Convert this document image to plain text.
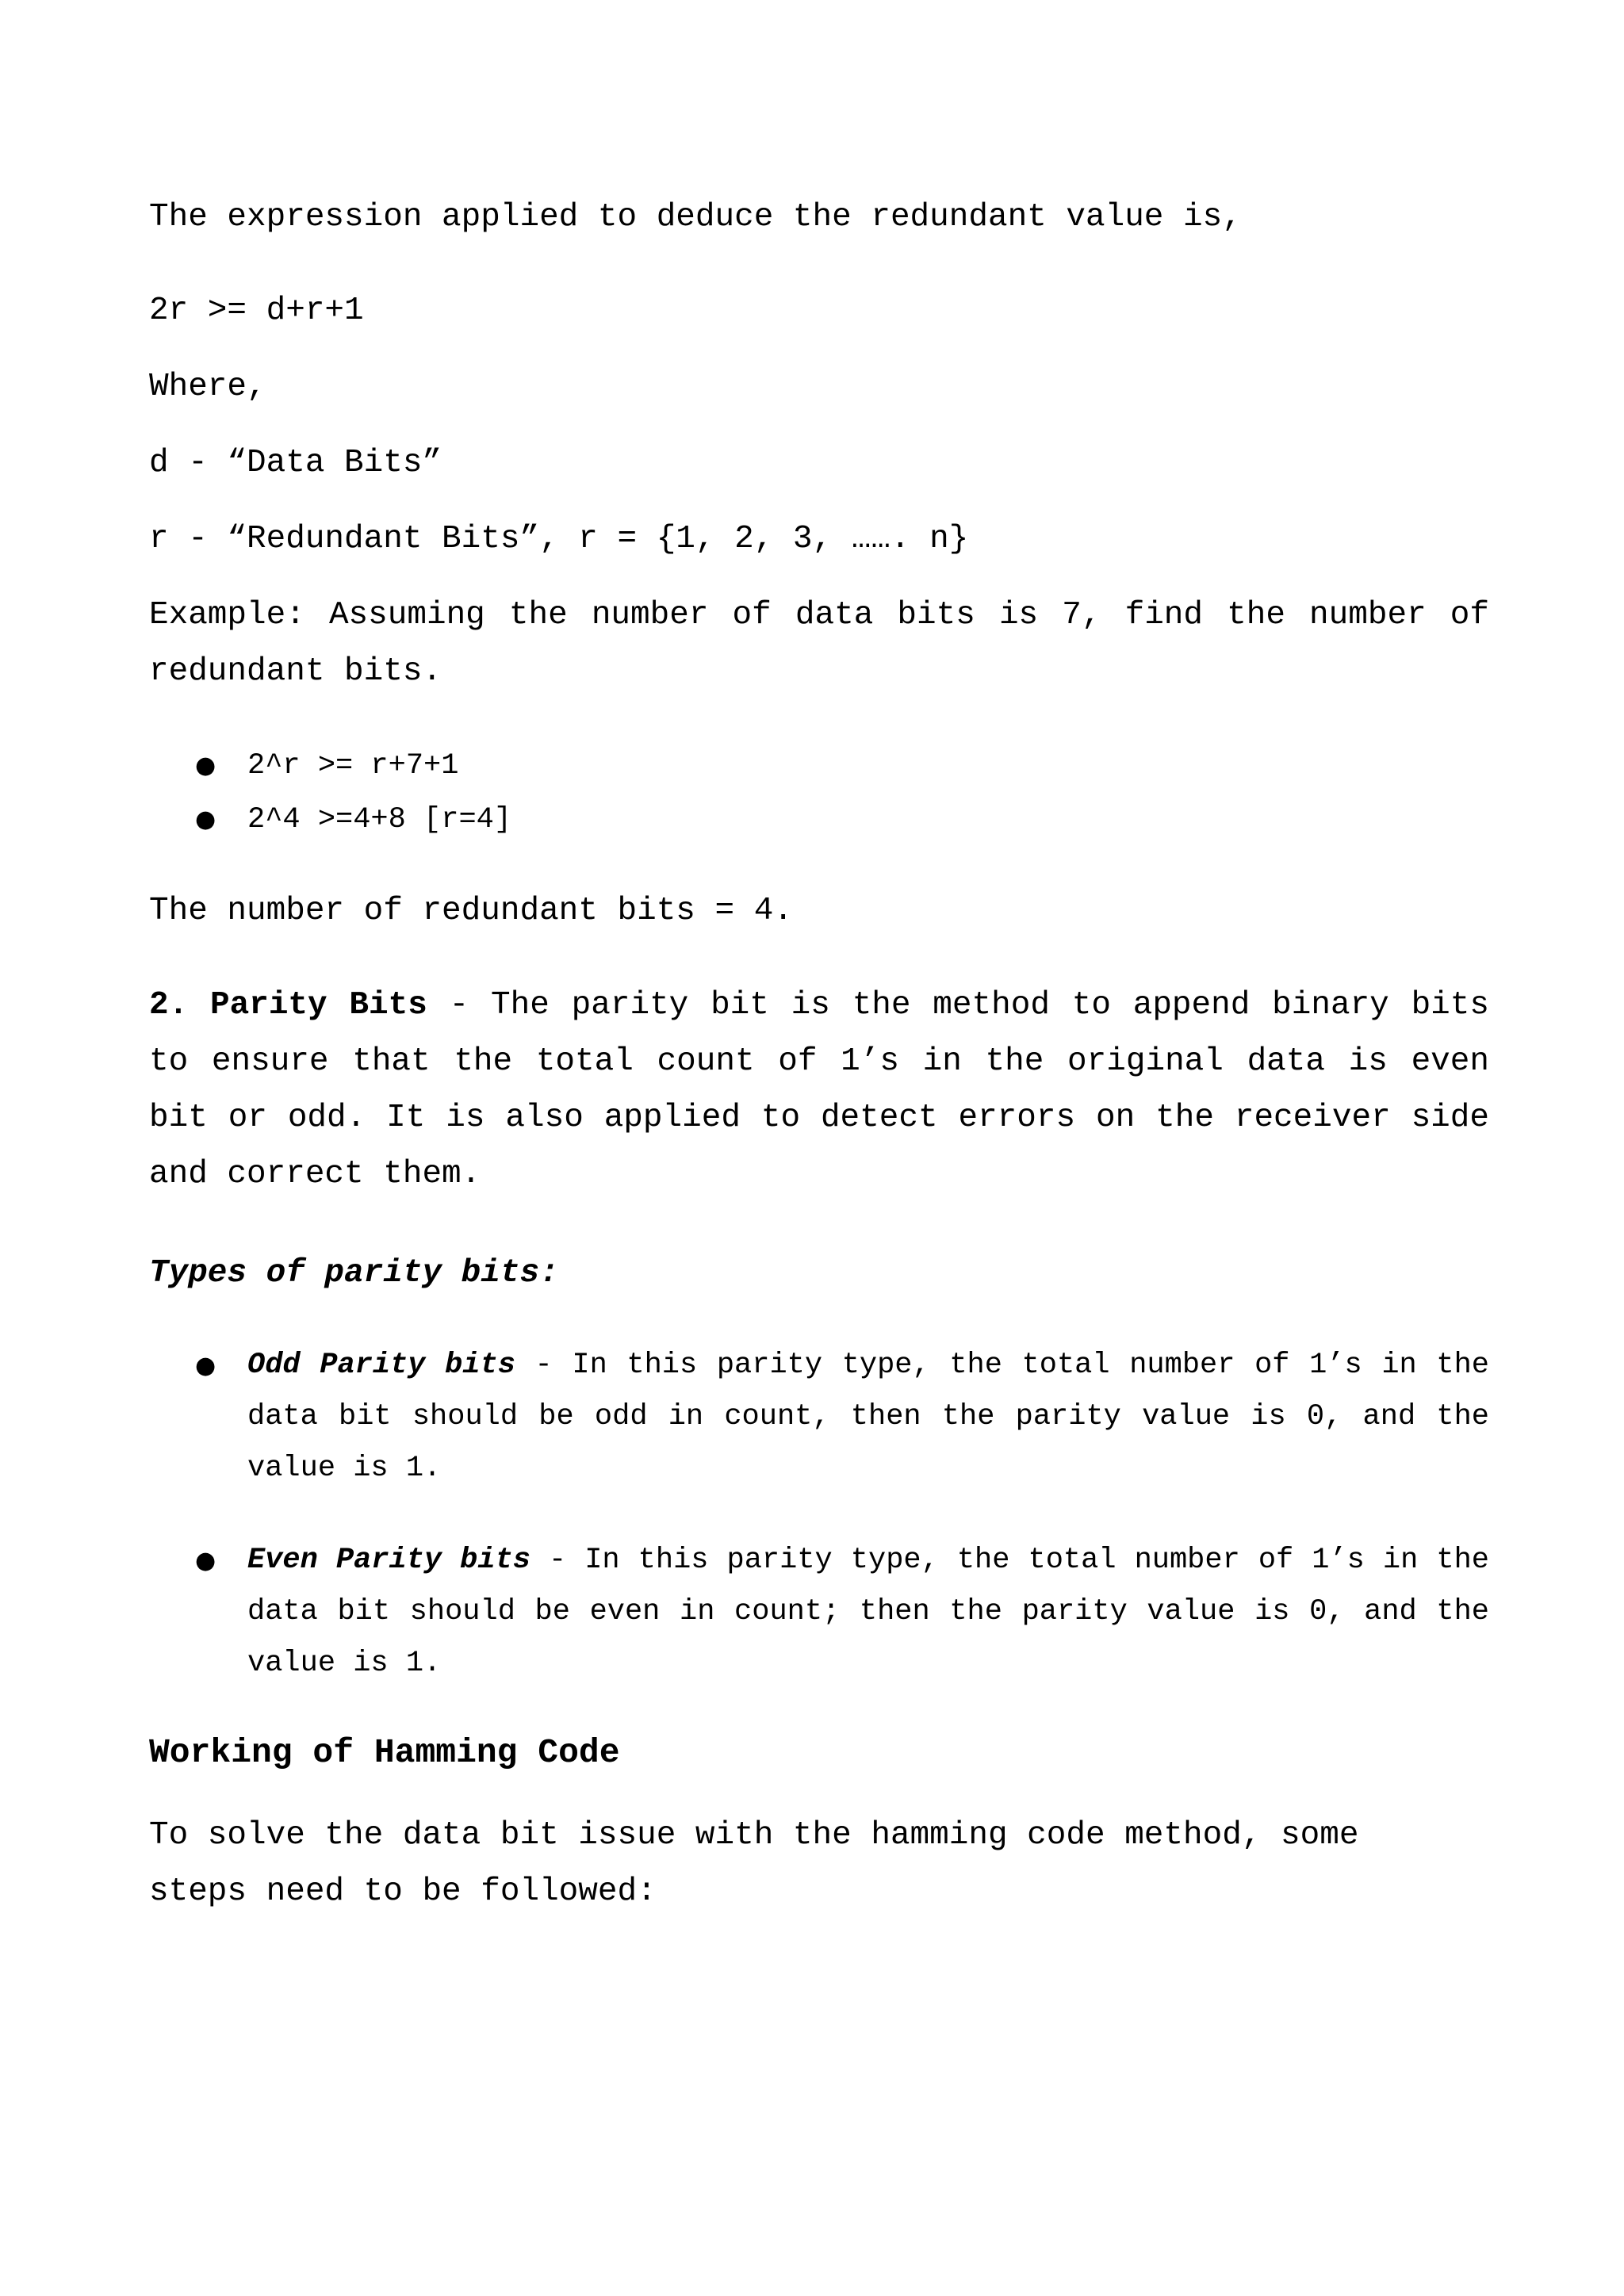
The expression applied to deduce the redundant value is,
2r >= d+r+1
Where,
d - “Data Bits”
r - “Redundant Bits”, r = {1, 2, 3, ……. n}
Example: Assuming the number of data bits is 7, find the number of redundant bits.
● 2^r >= r+7+1
● 2^4 >=4+8 [r=4]
The number of redundant bits = 4.
2. Parity Bits - The parity bit is the method to append binary bits to ensure that the total count of 1’s in the original data is even bit or odd. It is also applied to detect errors on the receiver side and correct them.
Types of parity bits:
● Odd Parity bits - In this parity type, the total number of 1’s in the data bit should be odd in count, then the parity value is 0, and the value is 1.
● Even Parity bits - In this parity type, the total number of 1’s in the data bit should be even in count; then the parity value is 0, and the value is 1.
Working of Hamming Code
To solve the data bit issue with the hamming code method, some steps need to be followed:
